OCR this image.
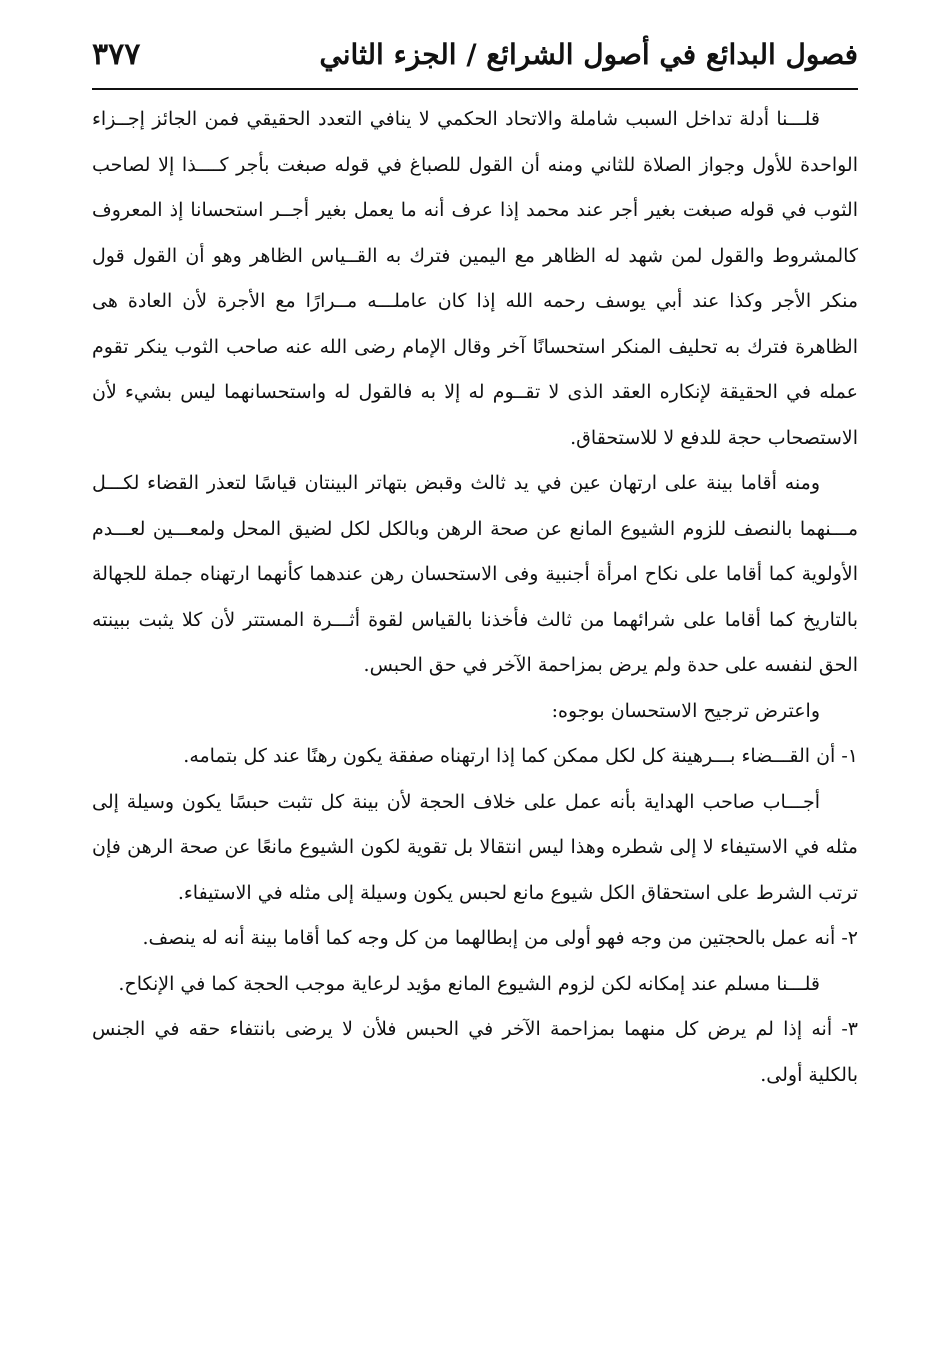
فصول البدائع في أصول الشرائع / الجزء الثاني
٣٧٧

قلـــنا أدلة تداخل السبب شاملة والاتحاد الحكمي لا ينافي التعدد الحقيقي فمن الجائز إجــزاء الواحدة للأول وجواز الصلاة للثاني ومنه أن القول للصباغ في قوله صبغت بأجر كــــذا إلا لصاحب الثوب في قوله صبغت بغير أجر عند محمد إذا عرف أنه ما يعمل بغير أجــر استحسانا إذ المعروف كالمشروط والقول لمن شهد له الظاهر مع اليمين فترك به القــياس الظاهر وهو أن القول قول منكر الأجر وكذا عند أبي يوسف رحمه الله إذا كان عاملـــه مــرارًا مع الأجرة لأن العادة هى الظاهرة فترك به تحليف المنكر استحسانًا آخر وقال الإمام رضى الله عنه صاحب الثوب ينكر تقوم عمله في الحقيقة لإنكاره العقد الذى لا تقــوم له إلا به فالقول له واستحسانهما ليس بشيء لأن الاستصحاب حجة للدفع لا للاستحقاق.

ومنه أقاما بينة على ارتهان عين في يد ثالث وقبض بتهاتر البينتان قياسًا لتعذر القضاء لكـــل مـــنهما بالنصف للزوم الشيوع المانع عن صحة الرهن وبالكل لكل لضيق المحل ولمعـــين لعـــدم الأولوية كما أقاما على نكاح امرأة أجنبية وفى الاستحسان رهن عندهما كأنهما ارتهناه جملة للجهالة بالتاريخ كما أقاما على شرائهما من ثالث فأخذنا بالقياس لقوة أثـــرة المستتر لأن كلا يثبت ببينته الحق لنفسه على حدة ولم يرض بمزاحمة الآخر في حق الحبس.

واعترض ترجيح الاستحسان بوجوه:

١- أن القـــضاء بـــرهينة كل لكل ممكن كما إذا ارتهناه صفقة يكون رهنًا عند كل بتمامه.

أجـــاب صاحب الهداية بأنه عمل على خلاف الحجة لأن بينة كل تثبت حبسًا يكون وسيلة إلى مثله في الاستيفاء لا إلى شطره وهذا ليس انتقالا بل تقوية لكون الشيوع مانعًا عن صحة الرهن فإن ترتب الشرط على استحقاق الكل شيوع مانع لحبس يكون وسيلة إلى مثله في الاستيفاء.

٢- أنه عمل بالحجتين من وجه فهو أولى من إبطالهما من كل وجه كما أقاما بينة أنه له ينصف.

قلـــنا مسلم عند إمكانه لكن لزوم الشيوع المانع مؤيد لرعاية موجب الحجة كما في الإنكاح.

٣- أنه إذا لم يرض كل منهما بمزاحمة الآخر في الحبس فلأن لا يرضى بانتفاء حقه في الجنس بالكلية أولى.
